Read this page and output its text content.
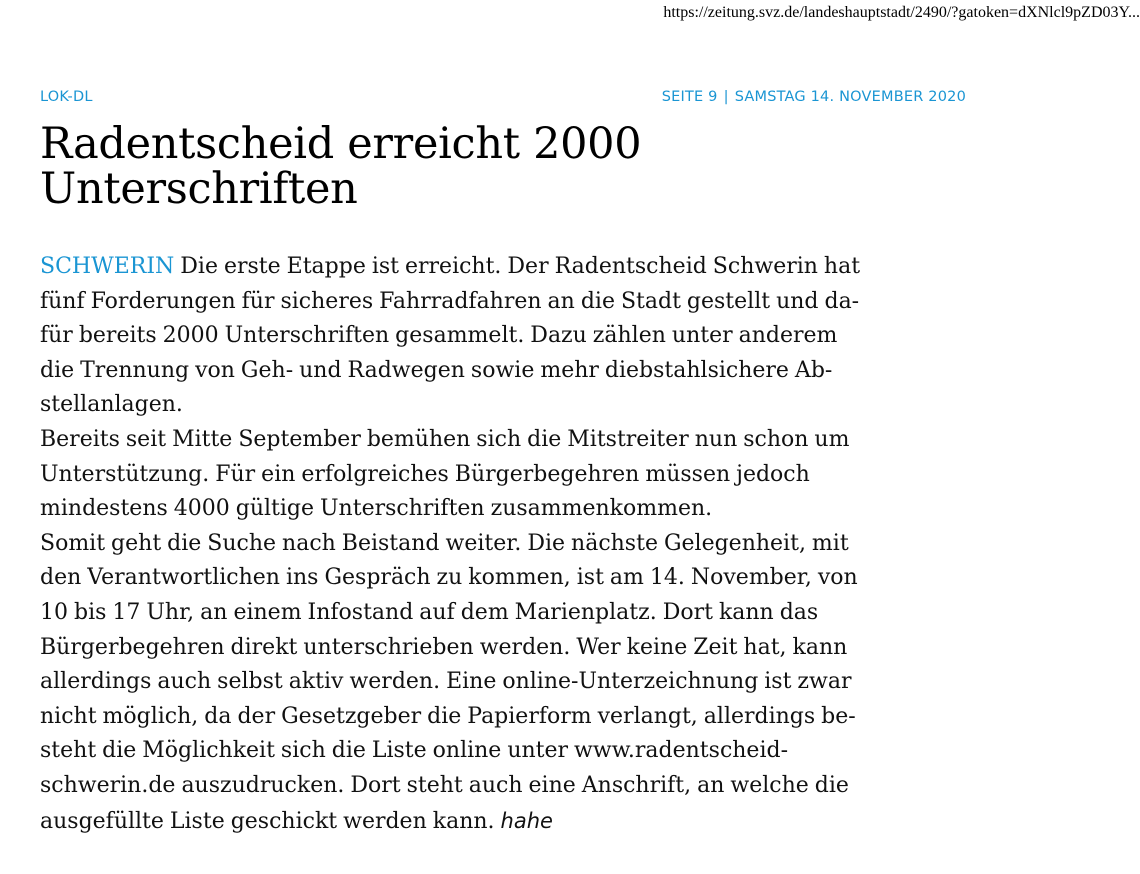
https://zeitung.svz.de/landeshauptstadt/2490/?gatoken=dXNlcl9pZD03Y...
LOK-DL	SEITE 9 | SAMSTAG 14. NOVEMBER 2020
Radentscheid erreicht 2000
Unterschriften
SCHWERIN Die erste Etappe ist erreicht. Der Radentscheid Schwerin hat
fünf Forderungen für sicheres Fahrradfahren an die Stadt gestellt und da-
für bereits 2000 Unterschriften gesammelt. Dazu zählen unter anderem
die Trennung von Geh- und Radwegen sowie mehr diebstahlsichere Ab-
stellanlagen.
Bereits seit Mitte September bemühen sich die Mitstreiter nun schon um
Unterstützung. Für ein erfolgreiches Bürgerbegehren müssen jedoch
mindestens 4000 gültige Unterschriften zusammenkommen.
Somit geht die Suche nach Beistand weiter. Die nächste Gelegenheit, mit
den Verantwortlichen ins Gespräch zu kommen, ist am 14. November, von
10 bis 17 Uhr, an einem Infostand auf dem Marienplatz. Dort kann das
Bürgerbegehren direkt unterschrieben werden. Wer keine Zeit hat, kann
allerdings auch selbst aktiv werden. Eine online-Unterzeichnung ist zwar
nicht möglich, da der Gesetzgeber die Papierform verlangt, allerdings be-
steht die Möglichkeit sich die Liste online unter www.radentscheid-
schwerin.de auszudrucken. Dort steht auch eine Anschrift, an welche die
ausgefüllte Liste geschickt werden kann. hahe
